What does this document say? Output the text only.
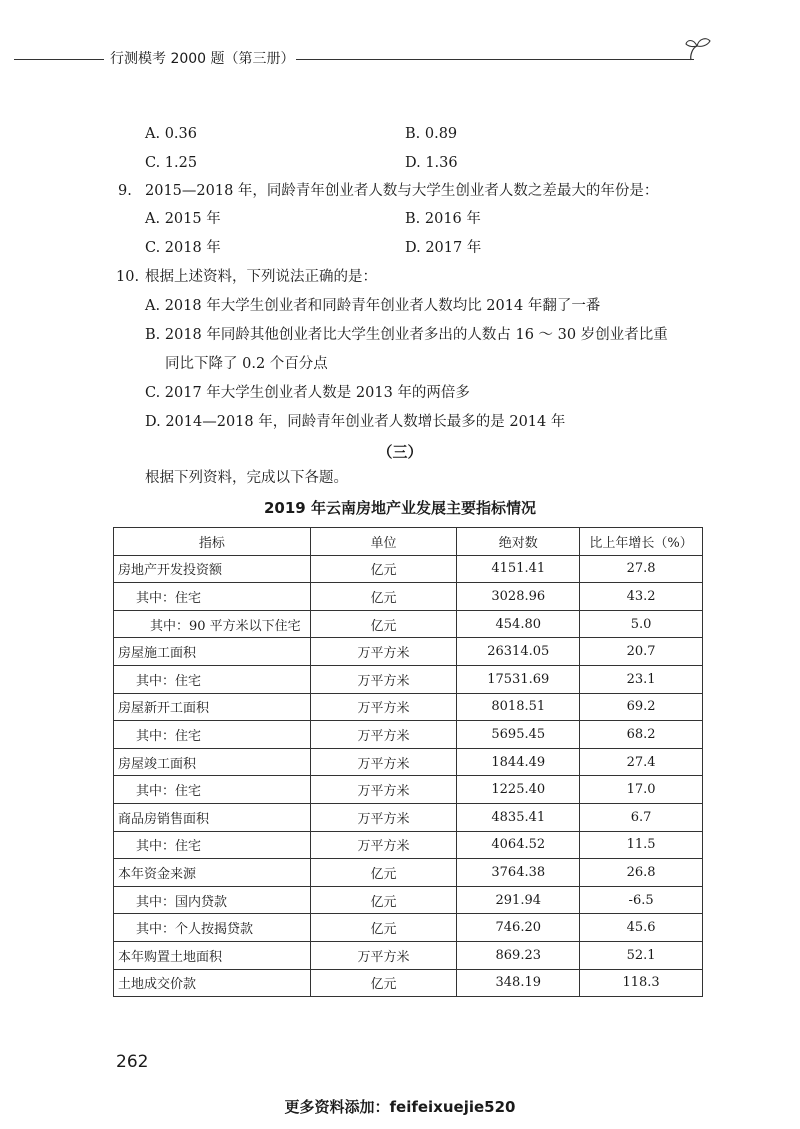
行测模考 2000 题（第三册）
A. 0.36	B. 0.89
C. 1.25	D. 1.36
9. 2015—2018 年，同龄青年创业者人数与大学生创业者人数之差最大的年份是：
A. 2015 年	B. 2016 年
C. 2018 年	D. 2017 年
10. 根据上述资料，下列说法正确的是：
A. 2018 年大学生创业者和同龄青年创业者人数均比 2014 年翻了一番
B. 2018 年同龄其他创业者比大学生创业者多出的人数占 16 ～ 30 岁创业者比重
同比下降了 0.2 个百分点
C. 2017 年大学生创业者人数是 2013 年的两倍多
D. 2014—2018 年，同龄青年创业者人数增长最多的是 2014 年
（三）
根据下列资料，完成以下各题。
2019 年云南房地产业发展主要指标情况
指标	单位	绝对数	比上年增长（%）
房地产开发投资额	亿元	4151.41	27.8
其中：住宅	亿元	3028.96	43.2
其中：90 平方米以下住宅	亿元	454.80	5.0
房屋施工面积	万平方米	26314.05	20.7
其中：住宅	万平方米	17531.69	23.1
房屋新开工面积	万平方米	8018.51	69.2
其中：住宅	万平方米	5695.45	68.2
房屋竣工面积	万平方米	1844.49	27.4
其中：住宅	万平方米	1225.40	17.0
商品房销售面积	万平方米	4835.41	6.7
其中：住宅	万平方米	4064.52	11.5
本年资金来源	亿元	3764.38	26.8
其中：国内贷款	亿元	291.94	-6.5
其中：个人按揭贷款	亿元	746.20	45.6
本年购置土地面积	万平方米	869.23	52.1
土地成交价款	亿元	348.19	118.3
262
更多资料添加：feifeixuejie520
